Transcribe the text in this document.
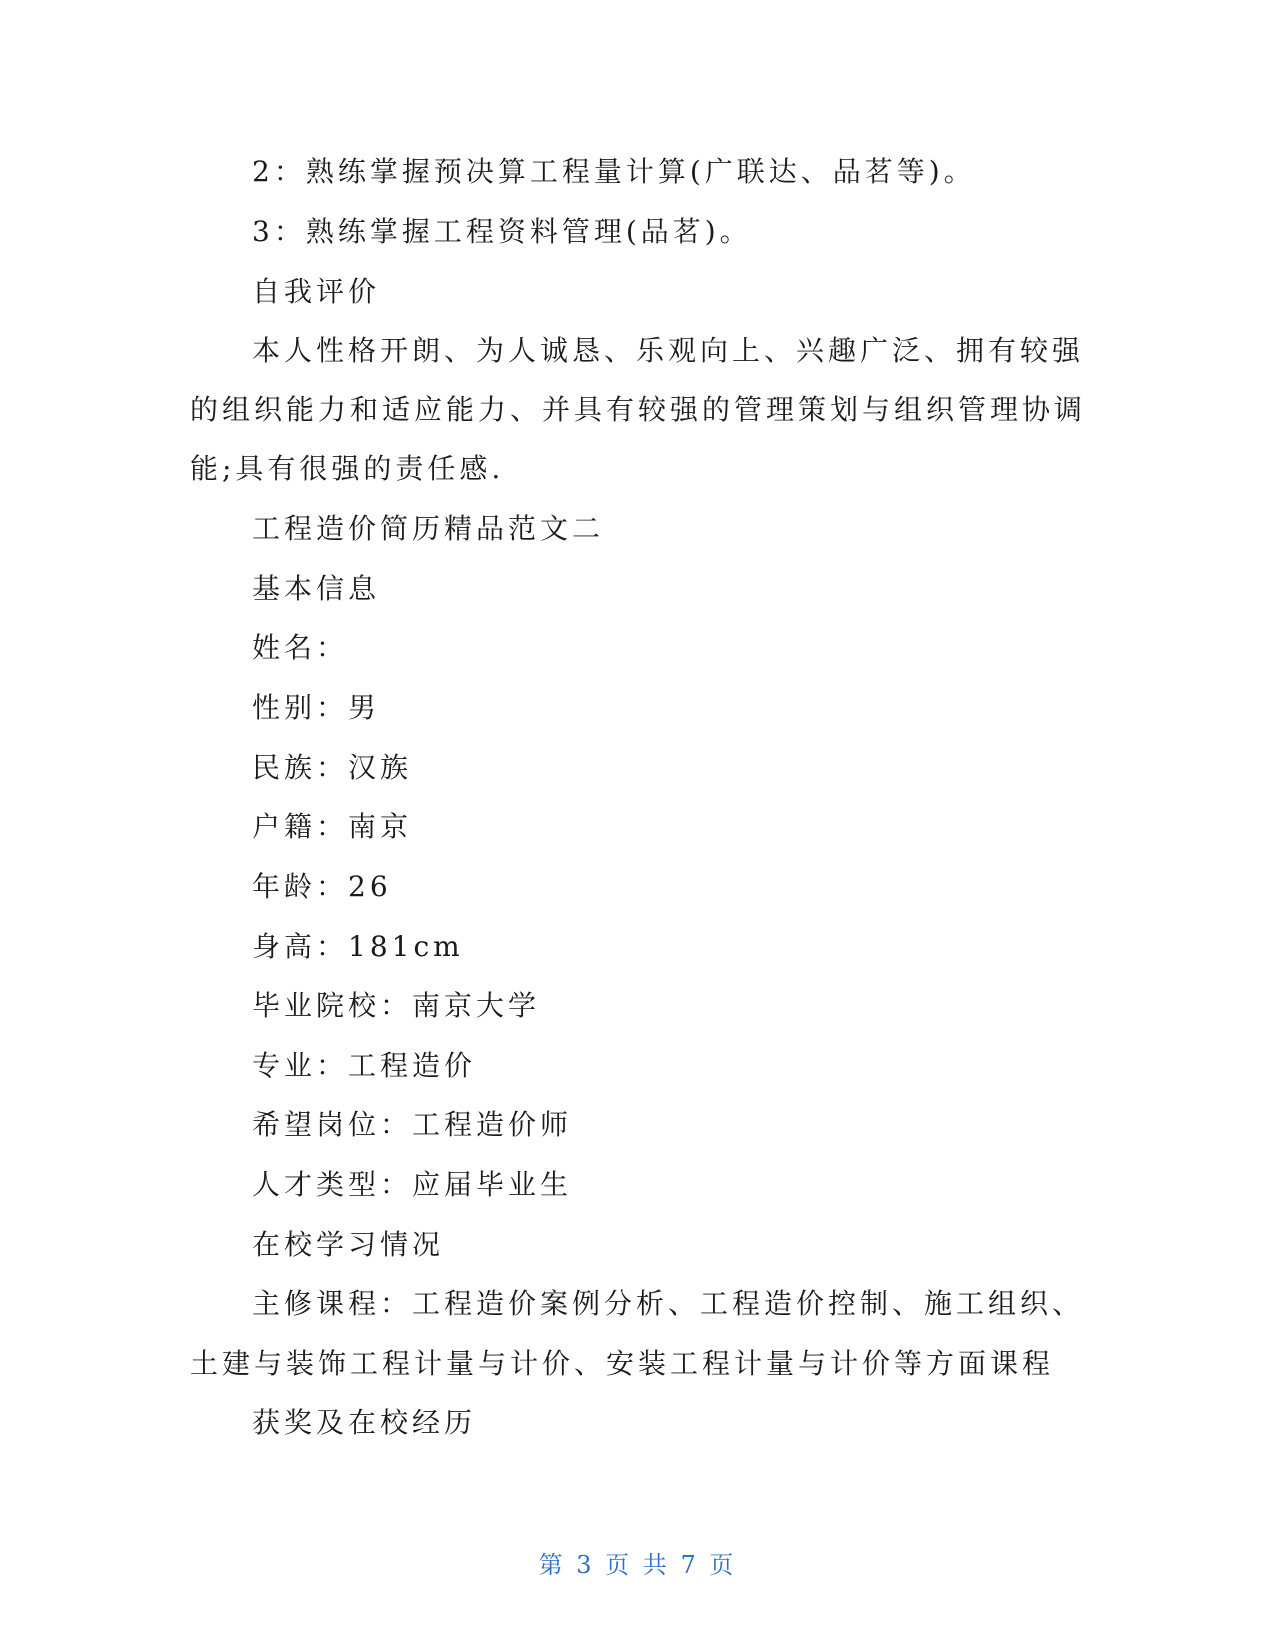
2：熟练掌握预决算工程量计算(广联达、品茗等)。

3：熟练掌握工程资料管理(品茗)。

自我评价

本人性格开朗、为人诚恳、乐观向上、兴趣广泛、拥有较强

的组织能力和适应能力、并具有较强的管理策划与组织管理协调

能;具有很强的责任感.

工程造价简历精品范文二

基本信息

姓名：

性别：男

民族：汉族

户籍：南京

年龄：26

身高：181cm

毕业院校：南京大学

专业：工程造价

希望岗位：工程造价师

人才类型：应届毕业生

在校学习情况

主修课程：工程造价案例分析、工程造价控制、施工组织、

土建与装饰工程计量与计价、安装工程计量与计价等方面课程

获奖及在校经历

第 3 页 共 7 页
